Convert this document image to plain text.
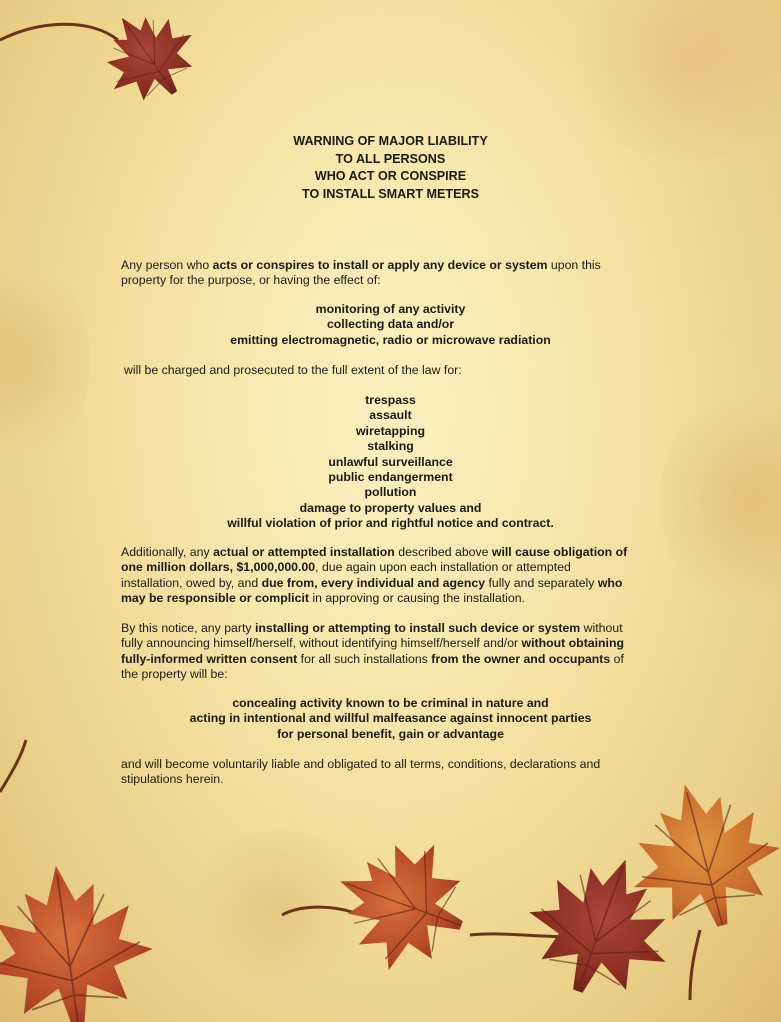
WARNING OF MAJOR LIABILITY
TO ALL PERSONS
WHO ACT OR CONSPIRE
TO INSTALL SMART METERS
Any person who acts or conspires to install or apply any device or system upon this
property for the purpose, or having the effect of:
monitoring of any activity
collecting data and/or
emitting electromagnetic, radio or microwave radiation
will be charged and prosecuted to the full extent of the law for:
trespass
assault
wiretapping
stalking
unlawful surveillance
public endangerment
pollution
damage to property values and
willful violation of prior and rightful notice and contract.
Additionally, any actual or attempted installation described above will cause obligation of
one million dollars, $1,000,000.00, due again upon each installation or attempted
installation, owed by, and due from, every individual and agency fully and separately who
may be responsible or complicit in approving or causing the installation.
By this notice, any party installing or attempting to install such device or system without
fully announcing himself/herself, without identifying himself/herself and/or without obtaining
fully-informed written consent for all such installations from the owner and occupants of
the property will be:
concealing activity known to be criminal in nature and
acting in intentional and willful malfeasance against innocent parties
for personal benefit, gain or advantage
and will become voluntarily liable and obligated to all terms, conditions, declarations and
stipulations herein.
